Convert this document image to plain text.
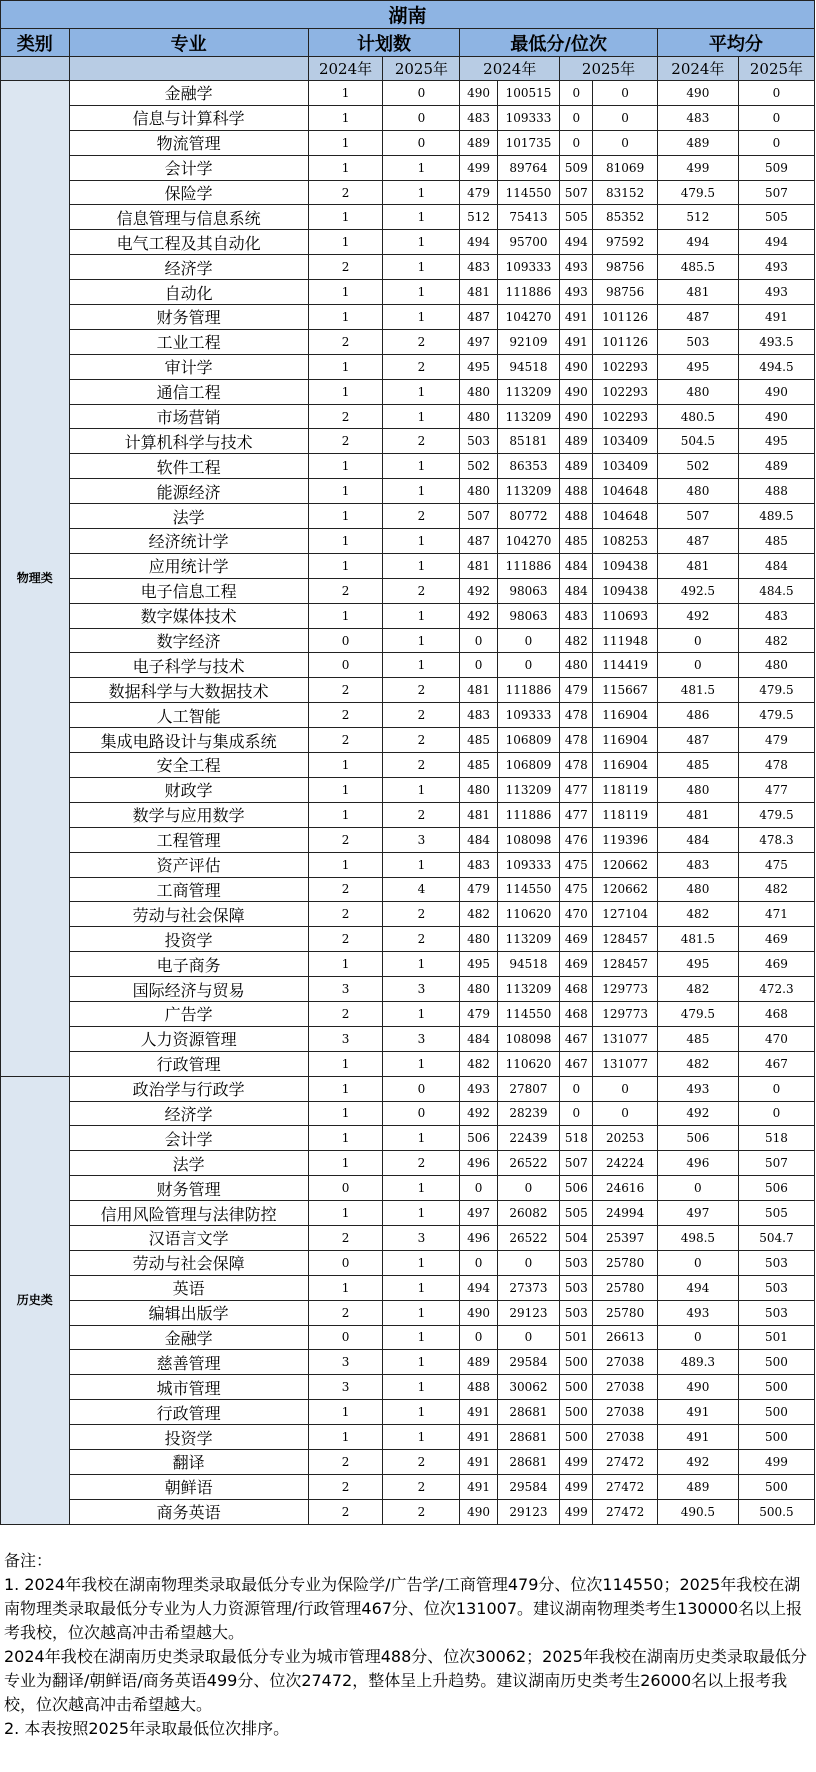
湖南									
类别	专业	计划数		最低分/位次				平均分	
		2024年	2025年	2024年		2025年		2024年	2025年
物理类	金融学	1	0	490	100515	0	0	490	0
	信息与计算科学	1	0	483	109333	0	0	483	0
	物流管理	1	0	489	101735	0	0	489	0
	会计学	1	1	499	89764	509	81069	499	509
	保险学	2	1	479	114550	507	83152	479.5	507
	信息管理与信息系统	1	1	512	75413	505	85352	512	505
	电气工程及其自动化	1	1	494	95700	494	97592	494	494
	经济学	2	1	483	109333	493	98756	485.5	493
	自动化	1	1	481	111886	493	98756	481	493
	财务管理	1	1	487	104270	491	101126	487	491
	工业工程	2	2	497	92109	491	101126	503	493.5
	审计学	1	2	495	94518	490	102293	495	494.5
	通信工程	1	1	480	113209	490	102293	480	490
	市场营销	2	1	480	113209	490	102293	480.5	490
	计算机科学与技术	2	2	503	85181	489	103409	504.5	495
	软件工程	1	1	502	86353	489	103409	502	489
	能源经济	1	1	480	113209	488	104648	480	488
	法学	1	2	507	80772	488	104648	507	489.5
	经济统计学	1	1	487	104270	485	108253	487	485
	应用统计学	1	1	481	111886	484	109438	481	484
	电子信息工程	2	2	492	98063	484	109438	492.5	484.5
	数字媒体技术	1	1	492	98063	483	110693	492	483
	数字经济	0	1	0	0	482	111948	0	482
	电子科学与技术	0	1	0	0	480	114419	0	480
	数据科学与大数据技术	2	2	481	111886	479	115667	481.5	479.5
	人工智能	2	2	483	109333	478	116904	486	479.5
	集成电路设计与集成系统	2	2	485	106809	478	116904	487	479
	安全工程	1	2	485	106809	478	116904	485	478
	财政学	1	1	480	113209	477	118119	480	477
	数学与应用数学	1	2	481	111886	477	118119	481	479.5
	工程管理	2	3	484	108098	476	119396	484	478.3
	资产评估	1	1	483	109333	475	120662	483	475
	工商管理	2	4	479	114550	475	120662	480	482
	劳动与社会保障	2	2	482	110620	470	127104	482	471
	投资学	2	2	480	113209	469	128457	481.5	469
	电子商务	1	1	495	94518	469	128457	495	469
	国际经济与贸易	3	3	480	113209	468	129773	482	472.3
	广告学	2	1	479	114550	468	129773	479.5	468
	人力资源管理	3	3	484	108098	467	131077	485	470
	行政管理	1	1	482	110620	467	131077	482	467
历史类	政治学与行政学	1	0	493	27807	0	0	493	0
	经济学	1	0	492	28239	0	0	492	0
	会计学	1	1	506	22439	518	20253	506	518
	法学	1	2	496	26522	507	24224	496	507
	财务管理	0	1	0	0	506	24616	0	506
	信用风险管理与法律防控	1	1	497	26082	505	24994	497	505
	汉语言文学	2	3	496	26522	504	25397	498.5	504.7
	劳动与社会保障	0	1	0	0	503	25780	0	503
	英语	1	1	494	27373	503	25780	494	503
	编辑出版学	2	1	490	29123	503	25780	493	503
	金融学	0	1	0	0	501	26613	0	501
	慈善管理	3	1	489	29584	500	27038	489.3	500
	城市管理	3	1	488	30062	500	27038	490	500
	行政管理	1	1	491	28681	500	27038	491	500
	投资学	1	1	491	28681	500	27038	491	500
	翻译	2	2	491	28681	499	27472	492	499
	朝鲜语	2	2	491	29584	499	27472	489	500
	商务英语	2	2	490	29123	499	27472	490.5	500.5

备注：

1. 2024年我校在湖南物理类录取最低分专业为保险学/广告学/工商管理479分、位次114550；2025年我校在湖南物理类录取最低分专业为人力资源管理/行政管理467分、位次131007。建议湖南物理类考生130000名以上报考我校，位次越高冲击希望越大。

2024年我校在湖南历史类录取最低分专业为城市管理488分、位次30062；2025年我校在湖南历史类录取最低分专业为翻译/朝鲜语/商务英语499分、位次27472，整体呈上升趋势。建议湖南历史类考生26000名以上报考我校，位次越高冲击希望越大。

2. 本表按照2025年录取最低位次排序。
